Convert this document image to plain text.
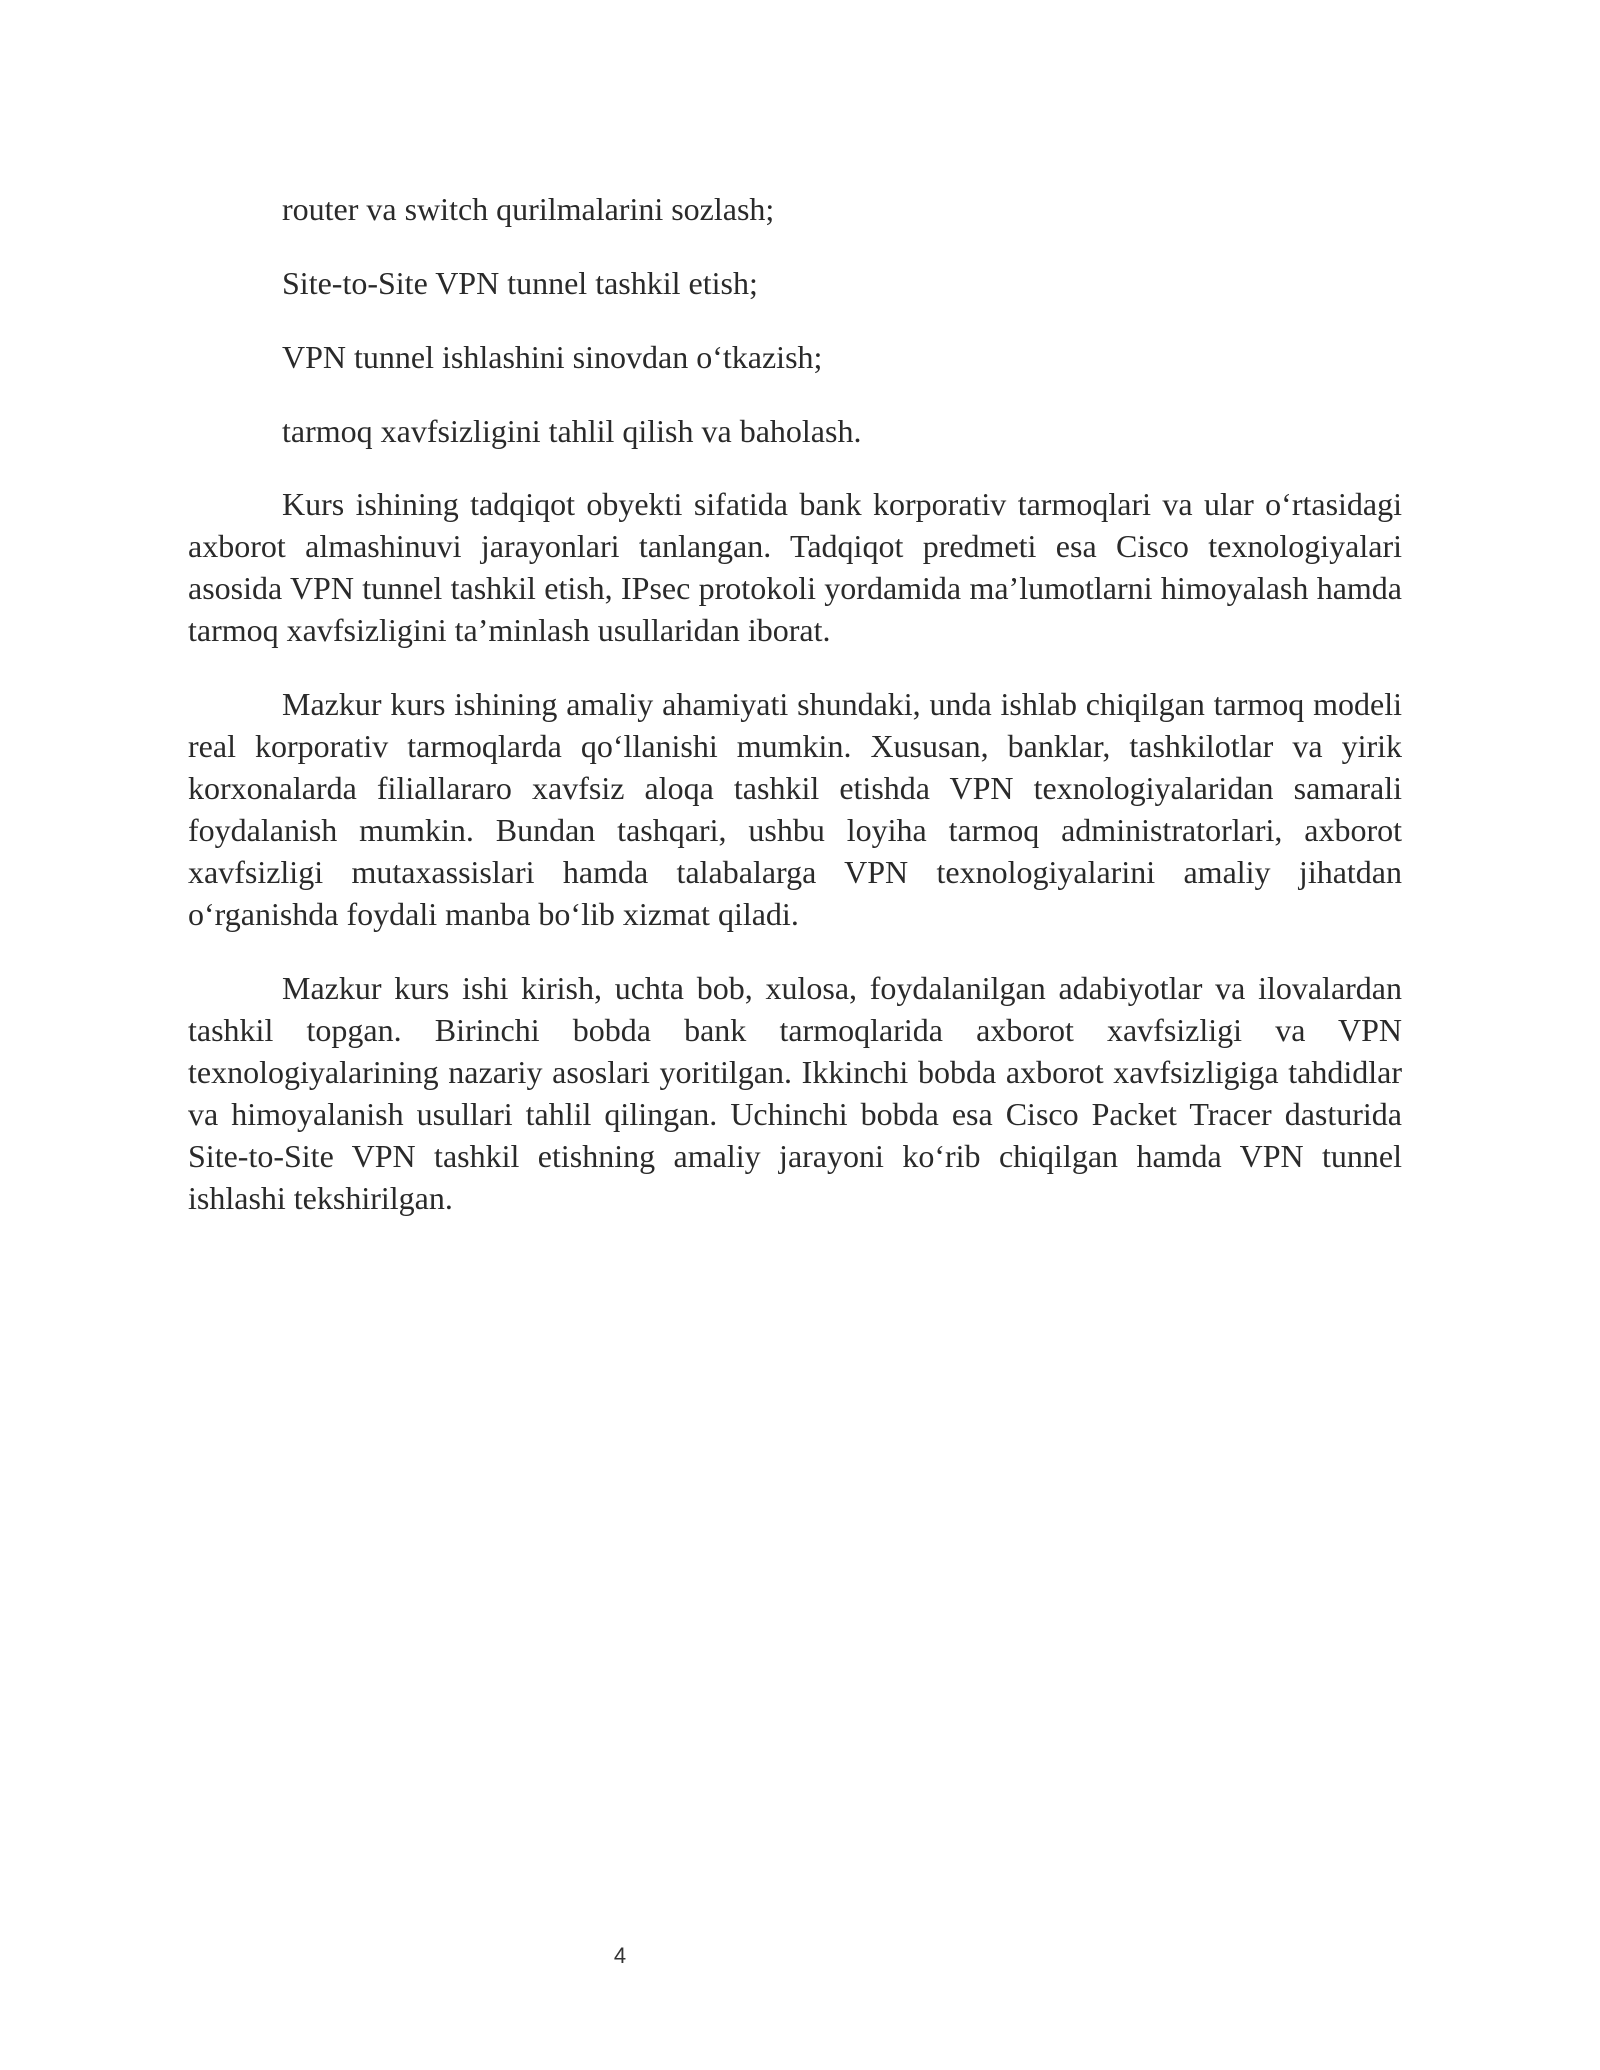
router va switch qurilmalarini sozlash;
Site-to-Site VPN tunnel tashkil etish;
VPN tunnel ishlashini sinovdan o‘tkazish;
tarmoq xavfsizligini tahlil qilish va baholash.

Kurs ishining tadqiqot obyekti sifatida bank korporativ tarmoqlari va ular o‘rtasidagi axborot almashinuvi jarayonlari tanlangan. Tadqiqot predmeti esa Cisco texnologiyalari asosida VPN tunnel tashkil etish, IPsec protokoli yordamida ma’lumotlarni himoyalash hamda tarmoq xavfsizligini ta’minlash usullaridan iborat.

Mazkur kurs ishining amaliy ahamiyati shundaki, unda ishlab chiqilgan tarmoq modeli real korporativ tarmoqlarda qo‘llanishi mumkin. Xususan, banklar, tashkilotlar va yirik korxonalarda filiallararo xavfsiz aloqa tashkil etishda VPN texnologiyalaridan samarali foydalanish mumkin. Bundan tashqari, ushbu loyiha tarmoq administratorlari, axborot xavfsizligi mutaxassislari hamda talabalarga VPN texnologiyalarini amaliy jihatdan o‘rganishda foydali manba bo‘lib xizmat qiladi.

Mazkur kurs ishi kirish, uchta bob, xulosa, foydalanilgan adabiyotlar va ilovalardan tashkil topgan. Birinchi bobda bank tarmoqlarida axborot xavfsizligi va VPN texnologiyalarining nazariy asoslari yoritilgan. Ikkinchi bobda axborot xavfsizligiga tahdidlar va himoyalanish usullari tahlil qilingan. Uchinchi bobda esa Cisco Packet Tracer dasturida Site-to-Site VPN tashkil etishning amaliy jarayoni ko‘rib chiqilgan hamda VPN tunnel ishlashi tekshirilgan.

4
